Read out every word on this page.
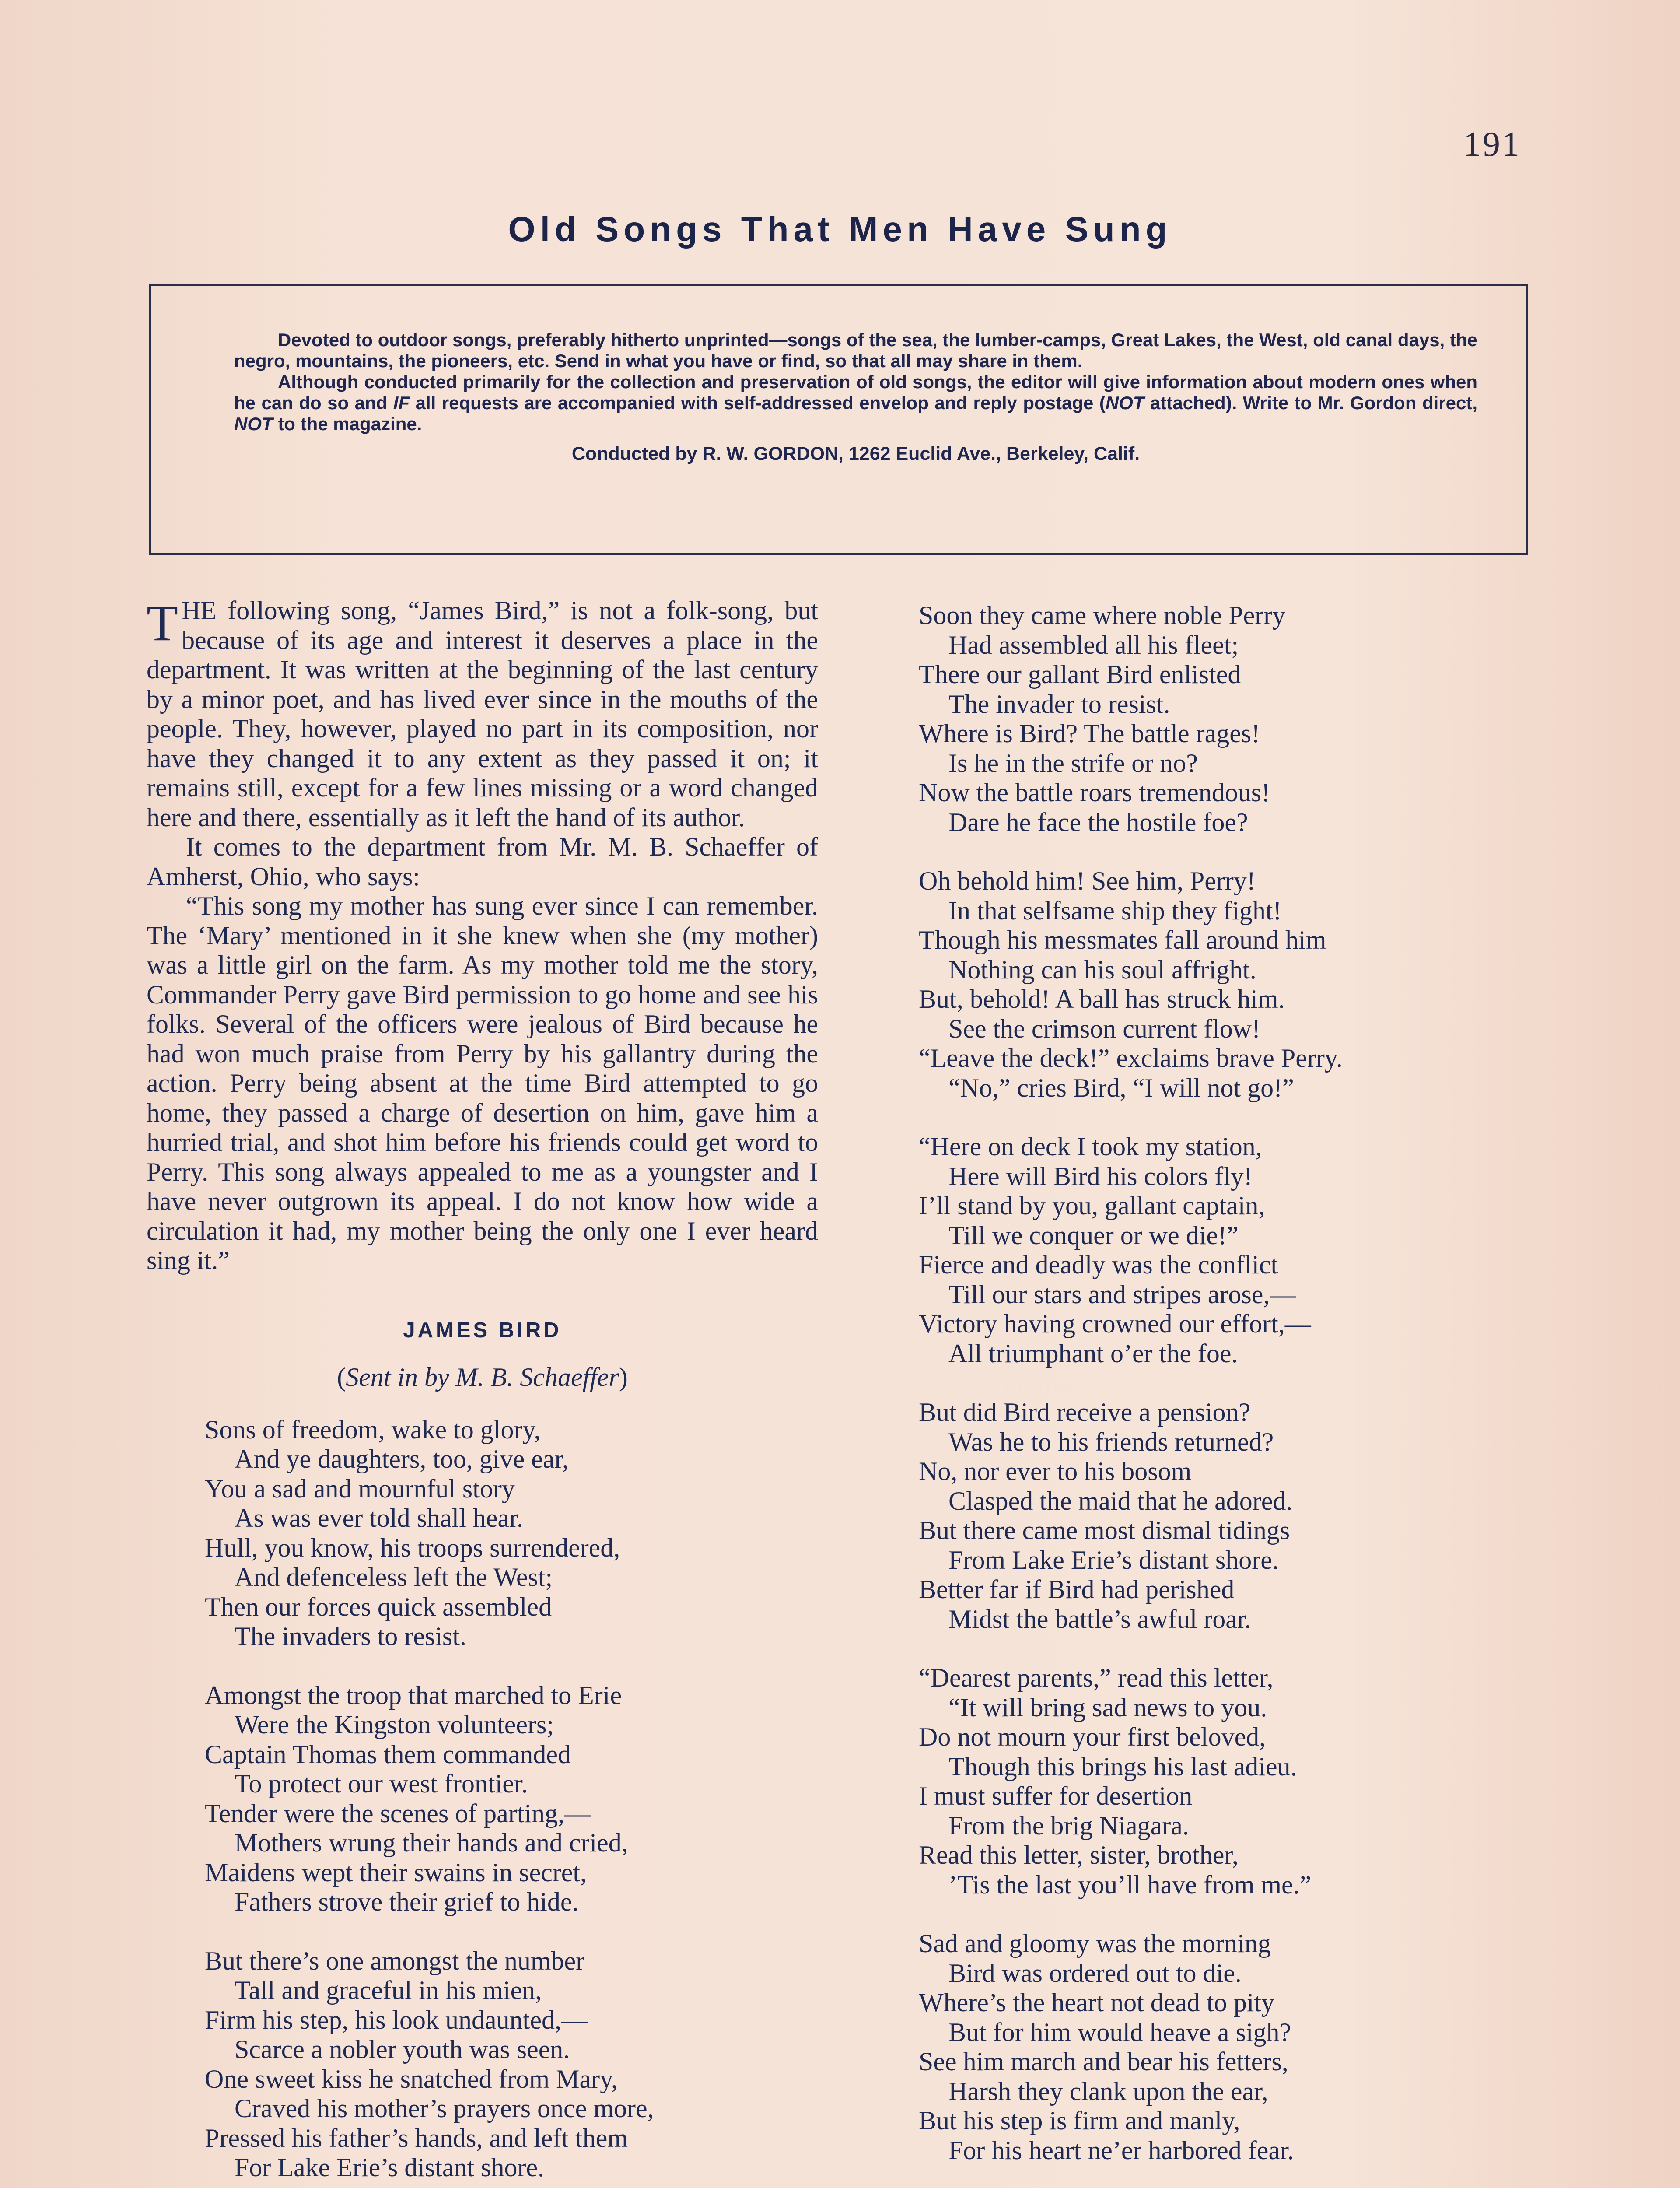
191
Old Songs That Men Have Sung

Devoted to outdoor songs, preferably hitherto unprinted—songs of the sea, the lumber-camps, Great Lakes, the West, old canal days, the negro, mountains, the pioneers, etc. Send in what you have or find, so that all may share in them.

Although conducted primarily for the collection and preservation of old songs, the editor will give information about modern ones when he can do so and IF all requests are accompanied with self-addressed envelop and reply postage (NOT attached). Write to Mr. Gordon direct, NOT to the magazine.

Conducted by R. W. GORDON, 1262 Euclid Ave., Berkeley, Calif.

THE following song, “James Bird,” is not a folk-song, but because of its age and interest it deserves a place in the department. It was written at the beginning of the last century by a minor poet, and has lived ever since in the mouths of the people. They, however, played no part in its composition, nor have they changed it to any extent as they passed it on; it remains still, except for a few lines missing or a word changed here and there, essentially as it left the hand of its author.

It comes to the department from Mr. M. B. Schaeffer of Amherst, Ohio, who says:

“This song my mother has sung ever since I can remember. The ‘Mary’ mentioned in it she knew when she (my mother) was a little girl on the farm. As my mother told me the story, Commander Perry gave Bird permission to go home and see his folks. Several of the officers were jealous of Bird because he had won much praise from Perry by his gallantry during the action. Perry being absent at the time Bird attempted to go home, they passed a charge of desertion on him, gave him a hurried trial, and shot him before his friends could get word to Perry. This song always appealed to me as a youngster and I have never outgrown its appeal. I do not know how wide a circulation it had, my mother being the only one I ever heard sing it.”

JAMES BIRD
(Sent in by M. B. Schaeffer)
Sons of freedom, wake to glory,
And ye daughters, too, give ear,
You a sad and mournful story
As was ever told shall hear.
Hull, you know, his troops surrendered,
And defenceless left the West;
Then our forces quick assembled
The invaders to resist.
Amongst the troop that marched to Erie
Were the Kingston volunteers;
Captain Thomas them commanded
To protect our west frontier.
Tender were the scenes of parting,—
Mothers wrung their hands and cried,
Maidens wept their swains in secret,
Fathers strove their grief to hide.
But there’s one amongst the number
Tall and graceful in his mien,
Firm his step, his look undaunted,—
Scarce a nobler youth was seen.
One sweet kiss he snatched from Mary,
Craved his mother’s prayers once more,
Pressed his father’s hands, and left them
For Lake Erie’s distant shore.
Soon they came where noble Perry
Had assembled all his fleet;
There our gallant Bird enlisted
The invader to resist.
Where is Bird? The battle rages!
Is he in the strife or no?
Now the battle roars tremendous!
Dare he face the hostile foe?
Oh behold him! See him, Perry!
In that selfsame ship they fight!
Though his messmates fall around him
Nothing can his soul affright.
But, behold! A ball has struck him.
See the crimson current flow!
“Leave the deck!” exclaims brave Perry.
“No,” cries Bird, “I will not go!”
“Here on deck I took my station,
Here will Bird his colors fly!
I’ll stand by you, gallant captain,
Till we conquer or we die!”
Fierce and deadly was the conflict
Till our stars and stripes arose,—
Victory having crowned our effort,—
All triumphant o’er the foe.
But did Bird receive a pension?
Was he to his friends returned?
No, nor ever to his bosom
Clasped the maid that he adored.
But there came most dismal tidings
From Lake Erie’s distant shore.
Better far if Bird had perished
Midst the battle’s awful roar.
“Dearest parents,” read this letter,
“It will bring sad news to you.
Do not mourn your first beloved,
Though this brings his last adieu.
I must suffer for desertion
From the brig Niagara.
Read this letter, sister, brother,
’Tis the last you’ll have from me.”
Sad and gloomy was the morning
Bird was ordered out to die.
Where’s the heart not dead to pity
But for him would heave a sigh?
See him march and bear his fetters,
Harsh they clank upon the ear,
But his step is firm and manly,
For his heart ne’er harbored fear.
